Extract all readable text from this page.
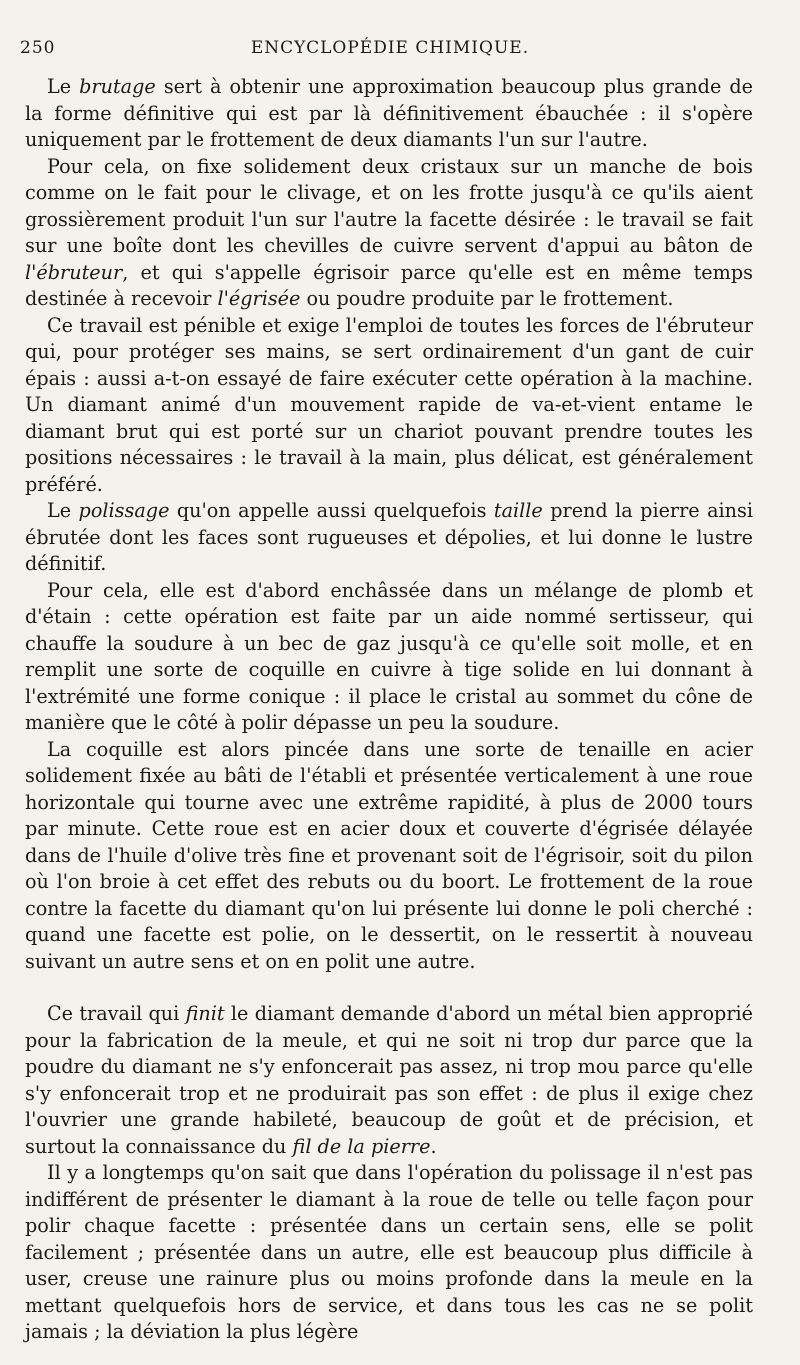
250	ENCYCLOPÉDIE CHIMIQUE.

Le brutage sert à obtenir une approximation beaucoup plus grande de la forme définitive qui est par là définitivement ébauchée : il s'opère uniquement par le frottement de deux diamants l'un sur l'autre.

Pour cela, on fixe solidement deux cristaux sur un manche de bois comme on le fait pour le clivage, et on les frotte jusqu'à ce qu'ils aient grossièrement produit l'un sur l'autre la facette désirée : le travail se fait sur une boîte dont les chevilles de cuivre servent d'appui au bâton de l'ébruteur, et qui s'appelle égrisoir parce qu'elle est en même temps destinée à recevoir l'égrisée ou poudre produite par le frottement.

Ce travail est pénible et exige l'emploi de toutes les forces de l'ébruteur qui, pour protéger ses mains, se sert ordinairement d'un gant de cuir épais : aussi a-t-on essayé de faire exécuter cette opération à la machine. Un diamant animé d'un mouvement rapide de va-et-vient entame le diamant brut qui est porté sur un chariot pouvant prendre toutes les positions nécessaires : le travail à la main, plus délicat, est généralement préféré.

Le polissage qu'on appelle aussi quelquefois taille prend la pierre ainsi ébrutée dont les faces sont rugueuses et dépolies, et lui donne le lustre définitif.

Pour cela, elle est d'abord enchâssée dans un mélange de plomb et d'étain : cette opération est faite par un aide nommé sertisseur, qui chauffe la soudure à un bec de gaz jusqu'à ce qu'elle soit molle, et en remplit une sorte de coquille en cuivre à tige solide en lui donnant à l'extrémité une forme conique : il place le cristal au sommet du cône de manière que le côté à polir dépasse un peu la soudure.

La coquille est alors pincée dans une sorte de tenaille en acier solidement fixée au bâti de l'établi et présentée verticalement à une roue horizontale qui tourne avec une extrême rapidité, à plus de 2000 tours par minute. Cette roue est en acier doux et couverte d'égrisée délayée dans de l'huile d'olive très fine et provenant soit de l'égrisoir, soit du pilon où l'on broie à cet effet des rebuts ou du boort. Le frottement de la roue contre la facette du diamant qu'on lui présente lui donne le poli cherché : quand une facette est polie, on le dessertit, on le ressertit à nouveau suivant un autre sens et on en polit une autre.

Ce travail qui finit le diamant demande d'abord un métal bien approprié pour la fabrication de la meule, et qui ne soit ni trop dur parce que la poudre du diamant ne s'y enfoncerait pas assez, ni trop mou parce qu'elle s'y enfoncerait trop et ne produirait pas son effet : de plus il exige chez l'ouvrier une grande habileté, beaucoup de goût et de précision, et surtout la connaissance du fil de la pierre.

Il y a longtemps qu'on sait que dans l'opération du polissage il n'est pas indifférent de présenter le diamant à la roue de telle ou telle façon pour polir chaque facette : présentée dans un certain sens, elle se polit facilement ; présentée dans un autre, elle est beaucoup plus difficile à user, creuse une rainure plus ou moins profonde dans la meule en la mettant quelquefois hors de service, et dans tous les cas ne se polit jamais ; la déviation la plus légère
